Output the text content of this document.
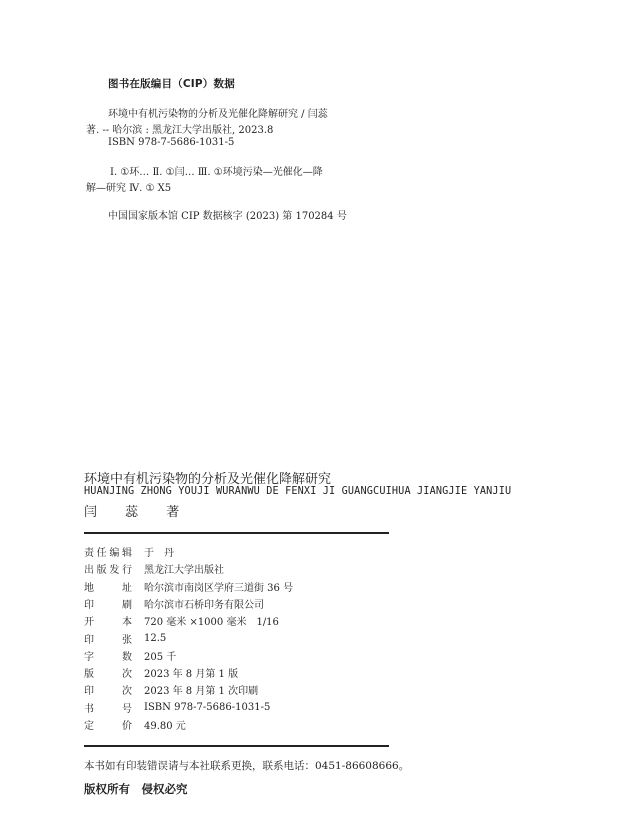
图书在版编目（CIP）数据
环境中有机污染物的分析及光催化降解研究 / 闫蕊
著. -- 哈尔滨 : 黑龙江大学出版社, 2023.8
ISBN 978-7-5686-1031-5
Ⅰ. ①环… Ⅱ. ①闫… Ⅲ. ①环境污染—光催化—降
解—研究 Ⅳ. ① X5
中国国家版本馆 CIP 数据核字 (2023) 第 170284 号
环境中有机污染物的分析及光催化降解研究
HUANJING ZHONG YOUJI WURANWU DE FENXI JI GUANGCUIHUA JIANGJIE YANJIU
闫 蕊 著
责 任 编 辑 于　丹
出 版 发 行 黑龙江大学出版社
地	址 哈尔滨市南岗区学府三道街 36 号
印	刷 哈尔滨市石桥印务有限公司
开	本 720 毫米 ×1000 毫米　1/16
印	张 12.5
字	数 205 千
版	次 2023 年 8 月第 1 版
印	次 2023 年 8 月第 1 次印刷
书	号 ISBN 978-7-5686-1031-5
定	价 49.80 元
本书如有印装错误请与本社联系更换，联系电话：0451-86608666。
版权所有　侵权必究
